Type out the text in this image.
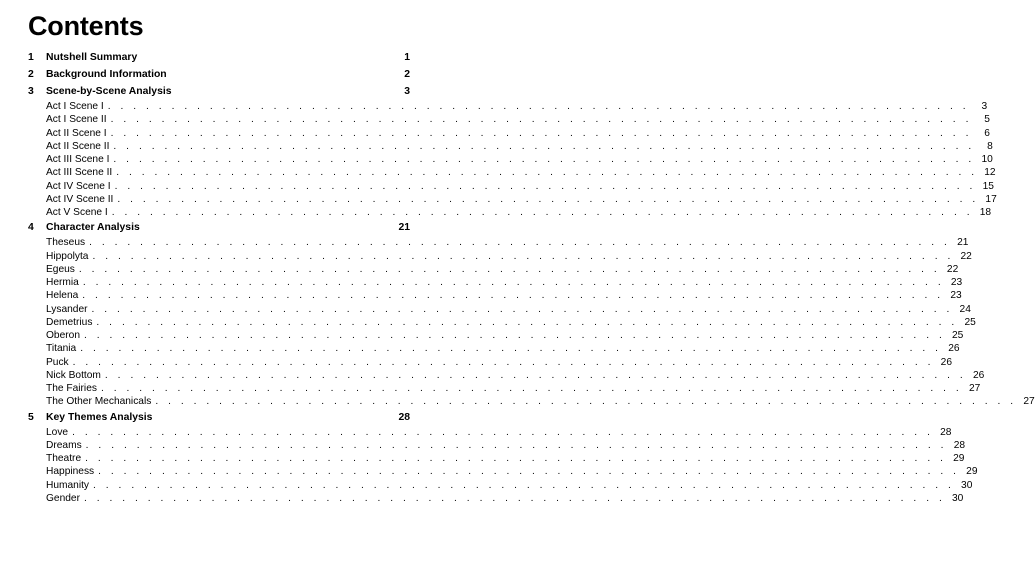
Contents
1	Nutshell Summary	1
2	Background Information	2
3	Scene-by-Scene Analysis	3
Act I Scene I . . . . . . . . . . . . . . . . . . . . . . . . . . . . . . . . . . . . . . . . . . . . . . . . . . . . . . . . . . . . . . . . . . . .	3
Act I Scene II . . . . . . . . . . . . . . . . . . . . . . . . . . . . . . . . . . . . . . . . . . . . . . . . . . . . . . . . . . . . . . . . . . . .	5
Act II Scene I . . . . . . . . . . . . . . . . . . . . . . . . . . . . . . . . . . . . . . . . . . . . . . . . . . . . . . . . . . . . . . . . . . . .	6
Act II Scene II . . . . . . . . . . . . . . . . . . . . . . . . . . . . . . . . . . . . . . . . . . . . . . . . . . . . . . . . . . . . . . . . . . . .	8
Act III Scene I . . . . . . . . . . . . . . . . . . . . . . . . . . . . . . . . . . . . . . . . . . . . . . . . . . . . . . . . . . . . . . . . . . . . 10
Act III Scene II . . . . . . . . . . . . . . . . . . . . . . . . . . . . . . . . . . . . . . . . . . . . . . . . . . . . . . . . . . . . . . . . . . . . 12
Act IV Scene I . . . . . . . . . . . . . . . . . . . . . . . . . . . . . . . . . . . . . . . . . . . . . . . . . . . . . . . . . . . . . . . . . . . . 15
Act IV Scene II . . . . . . . . . . . . . . . . . . . . . . . . . . . . . . . . . . . . . . . . . . . . . . . . . . . . . . . . . . . . . . . . . . . . 17
Act V Scene I . . . . . . . . . . . . . . . . . . . . . . . . . . . . . . . . . . . . . . . . . . . . . . . . . . . . . . . . . . . . . . . . . . . . 18
4	Character Analysis	21
Theseus . . . . . . . . . . . . . . . . . . . . . . . . . . . . . . . . . . . . . . . . . . . . . . . . . . . . . . . . . . . . . . . . . . . . 21
Hippolyta . . . . . . . . . . . . . . . . . . . . . . . . . . . . . . . . . . . . . . . . . . . . . . . . . . . . . . . . . . . . . . . . . . . . 22
Egeus . . . . . . . . . . . . . . . . . . . . . . . . . . . . . . . . . . . . . . . . . . . . . . . . . . . . . . . . . . . . . . . . . . . . 22
Hermia . . . . . . . . . . . . . . . . . . . . . . . . . . . . . . . . . . . . . . . . . . . . . . . . . . . . . . . . . . . . . . . . . . . . 23
Helena . . . . . . . . . . . . . . . . . . . . . . . . . . . . . . . . . . . . . . . . . . . . . . . . . . . . . . . . . . . . . . . . . . . . 23
Lysander . . . . . . . . . . . . . . . . . . . . . . . . . . . . . . . . . . . . . . . . . . . . . . . . . . . . . . . . . . . . . . . . . . . . 24
Demetrius . . . . . . . . . . . . . . . . . . . . . . . . . . . . . . . . . . . . . . . . . . . . . . . . . . . . . . . . . . . . . . . . . . . . 25
Oberon . . . . . . . . . . . . . . . . . . . . . . . . . . . . . . . . . . . . . . . . . . . . . . . . . . . . . . . . . . . . . . . . . . . . 25
Titania . . . . . . . . . . . . . . . . . . . . . . . . . . . . . . . . . . . . . . . . . . . . . . . . . . . . . . . . . . . . . . . . . . . . 26
Puck . . . . . . . . . . . . . . . . . . . . . . . . . . . . . . . . . . . . . . . . . . . . . . . . . . . . . . . . . . . . . . . . . . . . 26
Nick Bottom . . . . . . . . . . . . . . . . . . . . . . . . . . . . . . . . . . . . . . . . . . . . . . . . . . . . . . . . . . . . . . . . . . . . 26
The Fairies . . . . . . . . . . . . . . . . . . . . . . . . . . . . . . . . . . . . . . . . . . . . . . . . . . . . . . . . . . . . . . . . . . . . 27
The Other Mechanicals . . . . . . . . . . . . . . . . . . . . . . . . . . . . . . . . . . . . . . . . . . . . . . . . . . . . . . . . . . . . . . . . . . . . 27
5	Key Themes Analysis	28
Love . . . . . . . . . . . . . . . . . . . . . . . . . . . . . . . . . . . . . . . . . . . . . . . . . . . . . . . . . . . . . . . . . . . . 28
Dreams . . . . . . . . . . . . . . . . . . . . . . . . . . . . . . . . . . . . . . . . . . . . . . . . . . . . . . . . . . . . . . . . . . . . 28
Theatre . . . . . . . . . . . . . . . . . . . . . . . . . . . . . . . . . . . . . . . . . . . . . . . . . . . . . . . . . . . . . . . . . . . . 29
Happiness . . . . . . . . . . . . . . . . . . . . . . . . . . . . . . . . . . . . . . . . . . . . . . . . . . . . . . . . . . . . . . . . . . . . 29
Humanity . . . . . . . . . . . . . . . . . . . . . . . . . . . . . . . . . . . . . . . . . . . . . . . . . . . . . . . . . . . . . . . . . . . . 30
Gender . . . . . . . . . . . . . . . . . . . . . . . . . . . . . . . . . . . . . . . . . . . . . . . . . . . . . . . . . . . . . . . . . . . . 30
